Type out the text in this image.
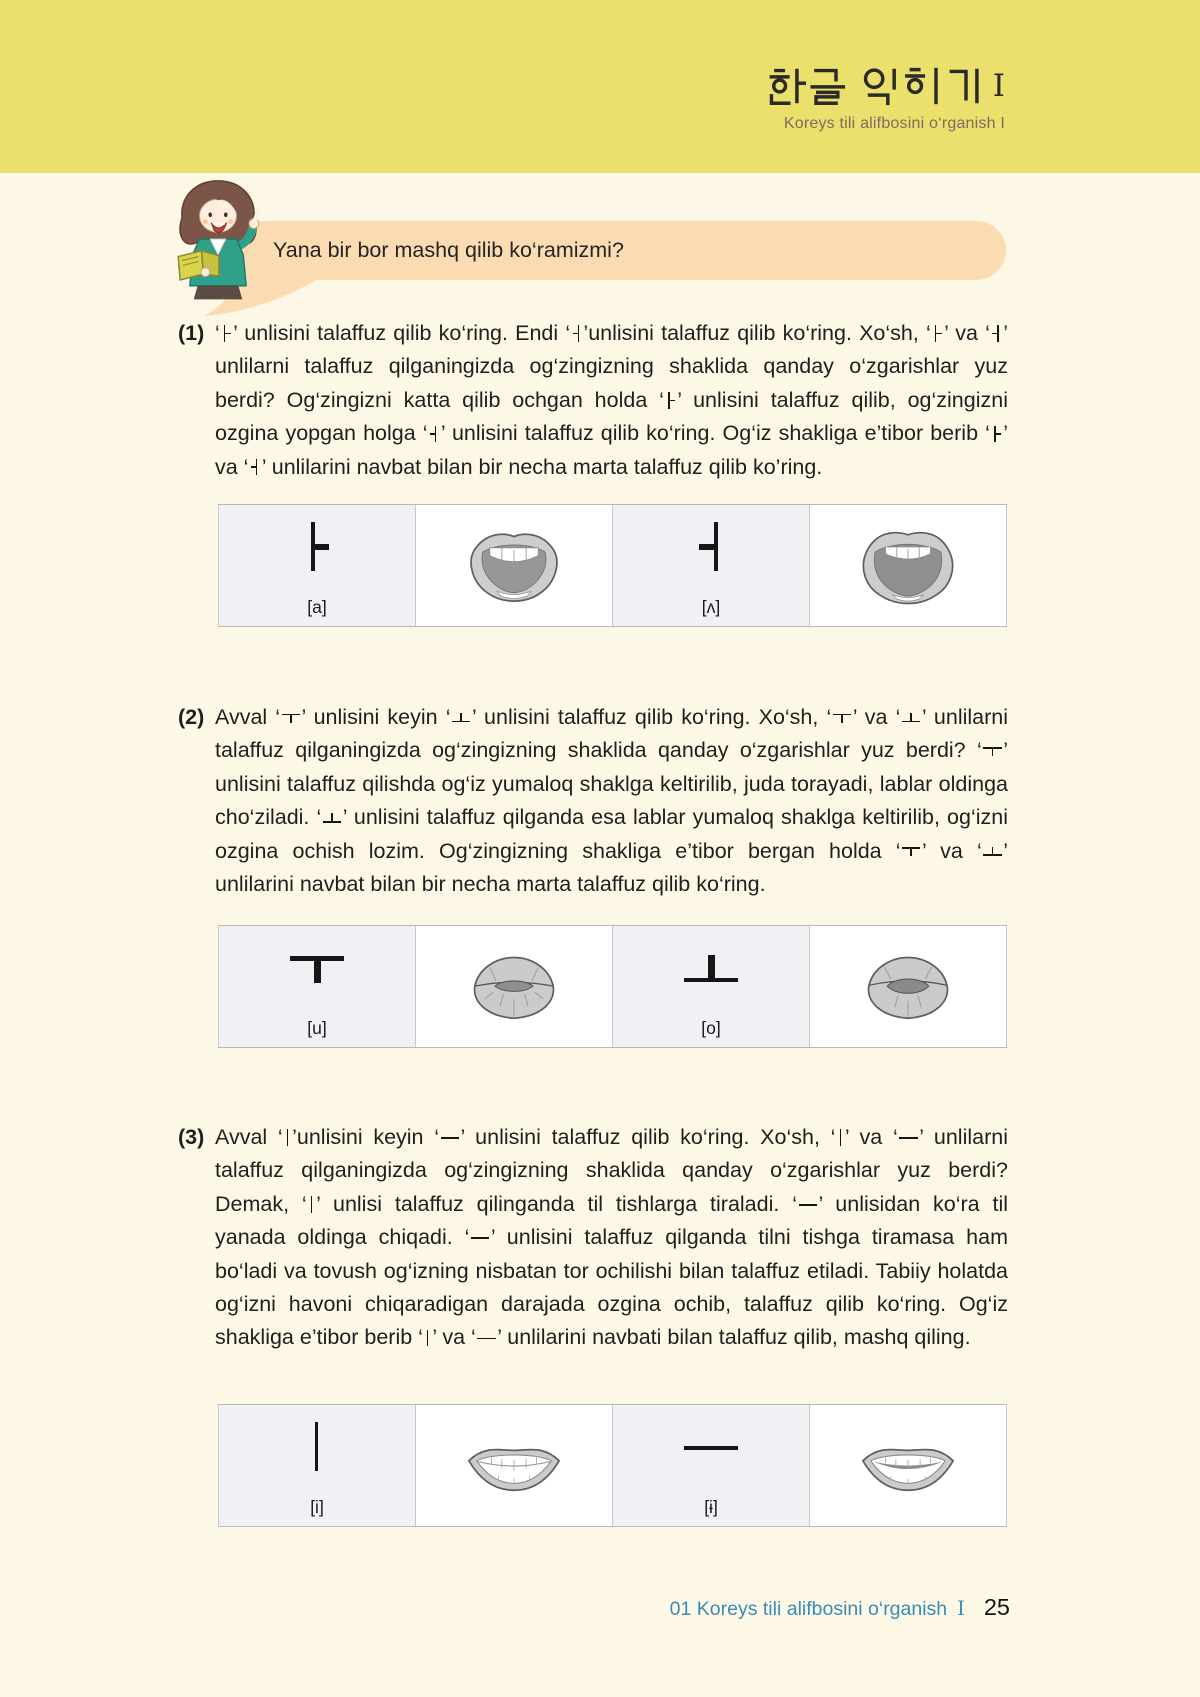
I
Koreys tili alifbosini o‘rganish I
Yana bir bor mashq qilib ko‘ramizmi?
(1) ‘ ’ unlisini talaffuz qilib ko‘ring. Endi ‘ ’unlisini talaffuz qilib ko‘ring. Xo‘sh, ‘ ’ va ‘ ’ unlilarni talaffuz qilganingizda og‘zingizning shaklida qanday o‘zgarishlar yuz berdi? Og‘zingizni katta qilib ochgan holda ‘ ’ unlisini talaffuz qilib, og‘zingizni ozgina yopgan holga ‘ ’ unlisini talaffuz qilib ko‘ring. Og‘iz shakliga e’tibor berib ‘ ’ va ‘ ’ unlilarini navbat bilan bir necha marta talaffuz qilib ko’ring.
[a]	[ʌ]
(2) Avval ‘ ’ unlisini keyin ‘ ’ unlisini talaffuz qilib ko‘ring. Xo‘sh, ‘ ’ va ‘ ’ unlilarni talaffuz qilganingizda og‘zingizning shaklida qanday o‘zgarishlar yuz berdi? ‘ ’ unlisini talaffuz qilishda og‘iz yumaloq shaklga keltirilib, juda torayadi, lablar oldinga cho‘ziladi. ‘ ’ unlisini talaffuz qilganda esa lablar yumaloq shaklga keltirilib, og‘izni ozgina ochish lozim. Og‘zingizning shakliga e’tibor bergan holda ‘ ’ va ‘ ’ unlilarini navbat bilan bir necha marta talaffuz qilib ko‘ring.
[u]	[o]
(3) Avval ‘ ’unlisini keyin ‘ ’ unlisini talaffuz qilib ko‘ring. Xo‘sh, ‘ ’ va ‘ ’ unlilarni talaffuz qilganingizda og‘zingizning shaklida qanday o‘zgarishlar yuz berdi? Demak, ‘ ’ unlisi talaffuz qilinganda til tishlarga tiraladi. ‘ ’ unlisidan ko‘ra til yanada oldinga chiqadi. ‘ ’ unlisini talaffuz qilganda tilni tishga tiramasa ham bo‘ladi va tovush og‘izning nisbatan tor ochilishi bilan talaffuz etiladi. Tabiiy holatda og‘izni havoni chiqaradigan darajada ozgina ochib, talaffuz qilib ko‘ring. Og‘iz shakliga e’tibor berib ‘ ’ va ‘ ’ unlilarini navbati bilan talaffuz qilib, mashq qiling.
[i]	[ɨ]
01 Koreys tili alifbosini o‘rganish I 25
